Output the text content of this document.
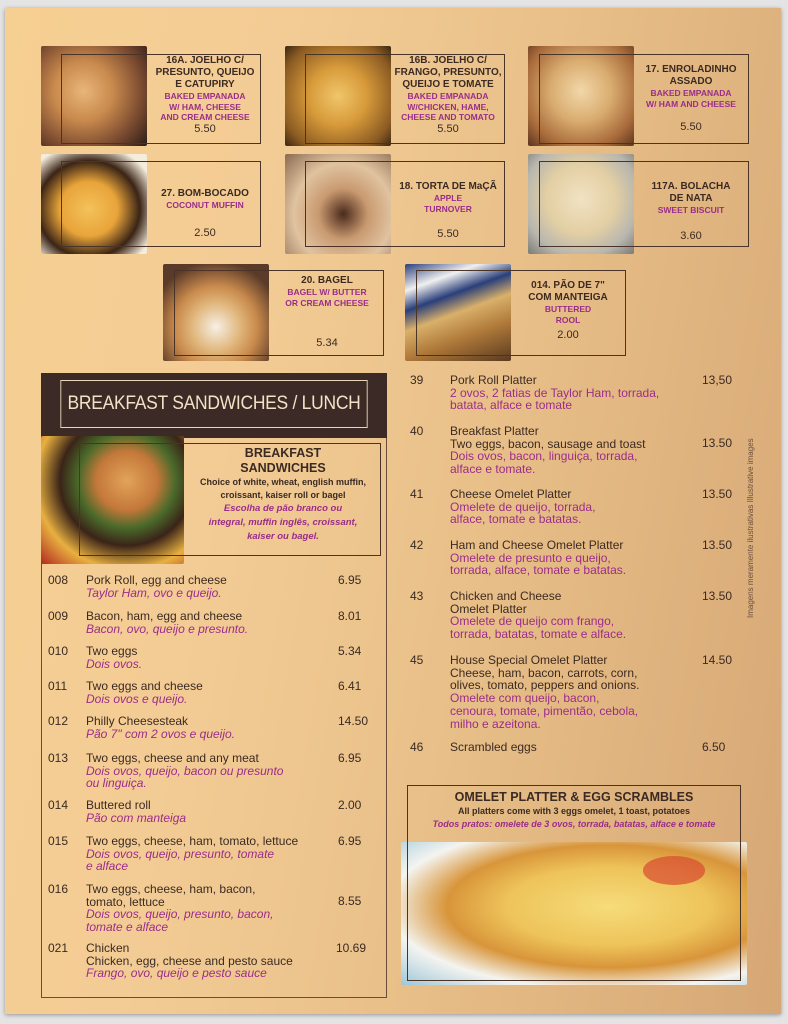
16A. JOELHO C/
PRESUNTO, QUEIJO
E CATUPIRY
BAKED EMPANADA
W/ HAM, CHEESE
AND CREAM CHEESE
5.50
16B. JOELHO C/
FRANGO, PRESUNTO,
QUEIJO E TOMATE
BAKED EMPANADA
W/CHICKEN, HAME,
CHEESE AND TOMATO
5.50
17. ENROLADINHO
ASSADO
BAKED EMPANADA
W/ HAM AND CHEESE
5.50
27. BOM-BOCADO
COCONUT MUFFIN
2.50
18. TORTA DE MaÇÃ
APPLE
TURNOVER
5.50
117A. BOLACHA
DE NATA
SWEET BISCUIT
3.60
20. BAGEL
BAGEL W/ BUTTER
OR CREAM CHEESE
5.34
014. PÃO DE 7"
COM MANTEIGA
BUTTERED
ROOL
2.00
BREAKFAST SANDWICHES / LUNCH
BREAKFAST
SANDWICHES
Choice of white, wheat, english muffin,
croissant, kaiser roll or bagel
Escolha de pão branco ou
integral, muffin inglês, croissant,
kaiser ou bagel.
008 Pork Roll, egg and cheese
Taylor Ham, ovo e queijo.
6.95
009 Bacon, ham, egg and cheese
Bacon, ovo, queijo e presunto.
8.01
010 Two eggs
Dois ovos.
5.34
011 Two eggs and cheese
Dois ovos e queijo.
6.41
012 Philly Cheesesteak
Pão 7" com 2 ovos e queijo.
14.50
013 Two eggs, cheese and any meat
Dois ovos, queijo, bacon ou presunto
ou linguiça.
6.95
014 Buttered roll
Pão com manteiga
2.00
015 Two eggs, cheese, ham, tomato, lettuce
Dois ovos, queijo, presunto, tomate
e alface
6.95
016 Two eggs, cheese, ham, bacon,
tomato, lettuce
Dois ovos, queijo, presunto, bacon,
tomate e alface
8.55
021 Chicken
Chicken, egg, cheese and pesto sauce
Frango, ovo, queijo e pesto sauce
10.69
39 Pork Roll Platter
2 ovos, 2 fatias de Taylor Ham, torrada,
batata, alface e tomate
13,50
40 Breakfast Platter
Two eggs, bacon, sausage and toast
Dois ovos, bacon, linguiça, torrada,
alface e tomate.
13.50
41 Cheese Omelet Platter
Omelete de queijo, torrada,
alface, tomate e batatas.
13.50
42 Ham and Cheese Omelet Platter
Omelete de presunto e queijo,
torrada, alface, tomate e batatas.
13.50
43 Chicken and Cheese
Omelet Platter
Omelete de queijo com frango,
torrada, batatas, tomate e alface.
13.50
45 House Special Omelet Platter
Cheese, ham, bacon, carrots, corn,
olives, tomato, peppers and onions.
Omelete com queijo, bacon,
cenoura, tomate, pimentão, cebola,
milho e azeitona.
14.50
46 Scrambled eggs	6.50
OMELET PLATTER & EGG SCRAMBLES
All platters come with 3 eggs omelet, 1 toast, potatoes
Todos pratos: omelete de 3 ovos, torrada, batatas, alface e tomate
Imagens meramente ilustrativas Illustrative images
